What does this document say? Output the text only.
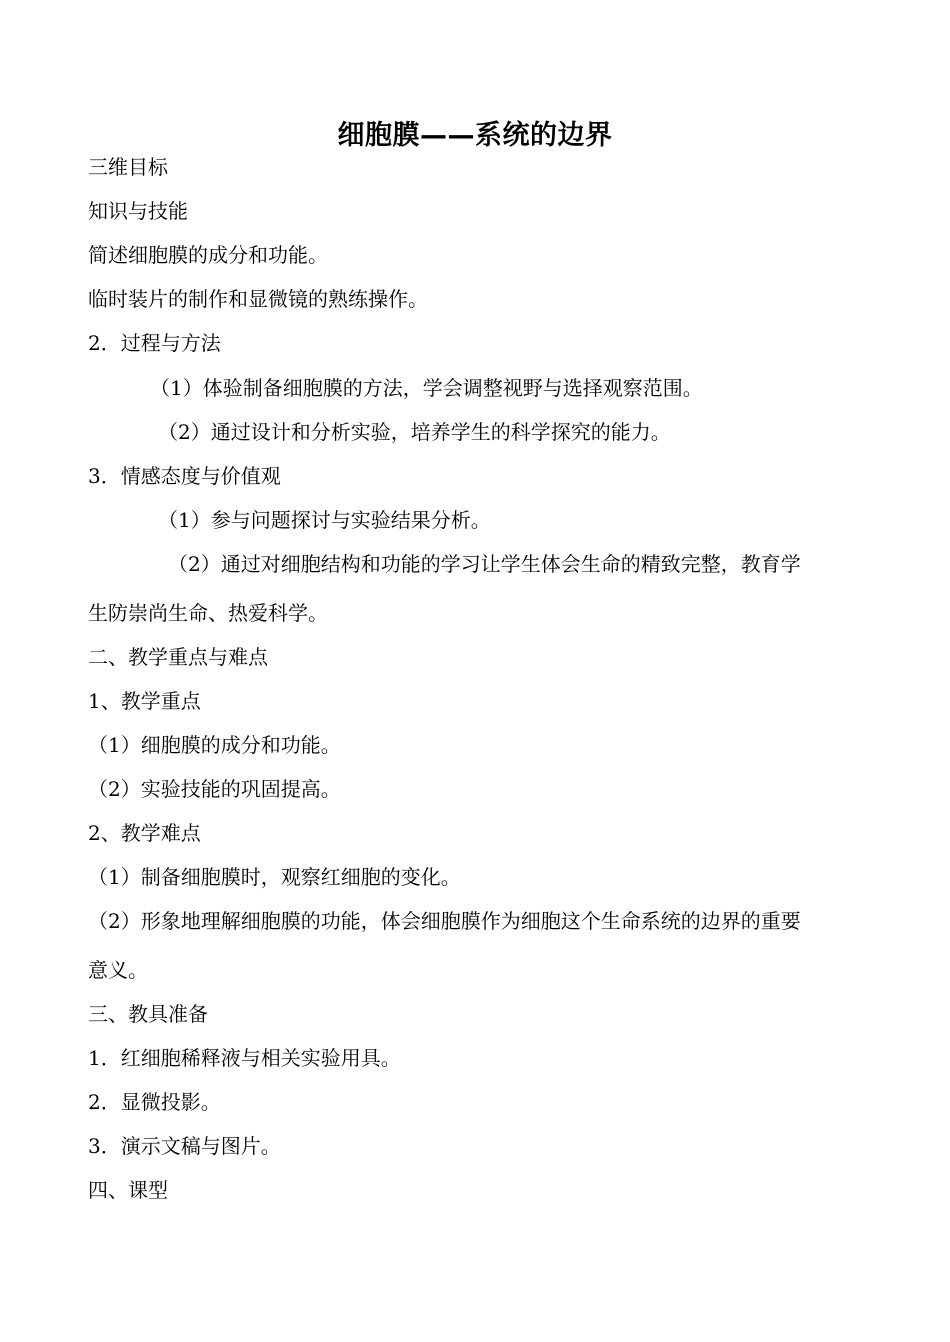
细胞膜——系统的边界
三维目标
知识与技能
简述细胞膜的成分和功能。
临时装片的制作和显微镜的熟练操作。
2．过程与方法
（1）体验制备细胞膜的方法，学会调整视野与选择观察范围。
（2）通过设计和分析实验，培养学生的科学探究的能力。
3．情感态度与价值观
（1）参与问题探讨与实验结果分析。
（2）通过对细胞结构和功能的学习让学生体会生命的精致完整，教育学
生防崇尚生命、热爱科学。
二、教学重点与难点
1、教学重点
（1）细胞膜的成分和功能。
（2）实验技能的巩固提高。
2、教学难点
（1）制备细胞膜时，观察红细胞的变化。
（2）形象地理解细胞膜的功能，体会细胞膜作为细胞这个生命系统的边界的重要
意义。
三、教具准备
1．红细胞稀释液与相关实验用具。
2．显微投影。
3．演示文稿与图片。
四、课型
